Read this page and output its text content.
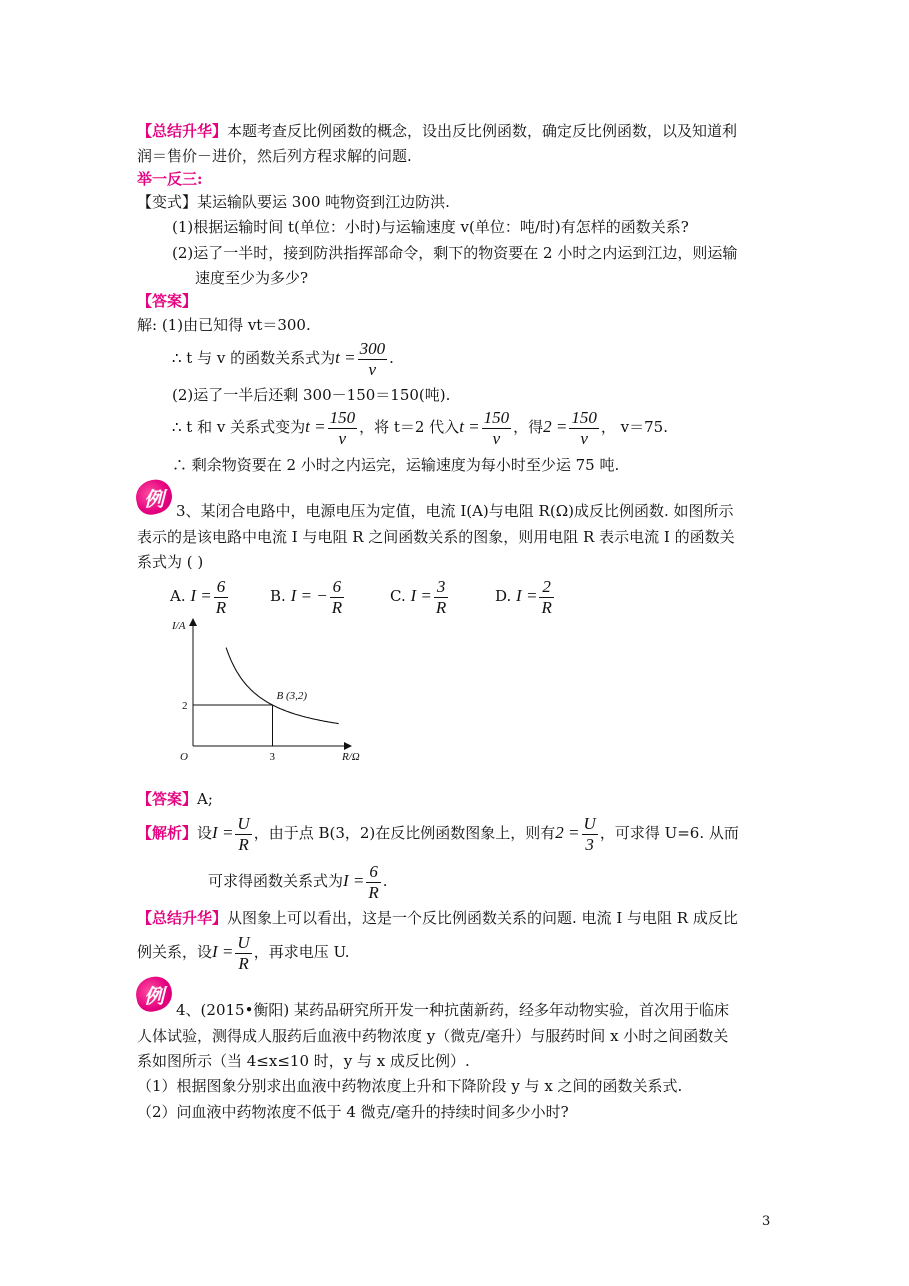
【总结升华】本题考查反比例函数的概念，设出反比例函数，确定反比例函数，以及知道利
润＝售价－进价，然后列方程求解的问题.
举一反三:
【变式】某运输队要运 300 吨物资到江边防洪.
(1)根据运输时间 t(单位：小时)与运输速度 v(单位：吨/时)有怎样的函数关系?
(2)运了一半时，接到防洪指挥部命令，剩下的物资要在 2 小时之内运到江边，则运输
速度至少为多少?
【答案】
解: (1)由已知得 vt＝300.
∴ t 与 v 的函数关系式为$t = \frac{300}{v}$ .
(2)运了一半后还剩 300－150＝150(吨).
∴ t 和 v 关系式变为$t = \frac{150}{v}$ ，将 t＝2 代入$t = \frac{150}{v}$ ，得$2 = \frac{150}{v}$ ， v＝75.
∴ 剩余物资要在 2 小时之内运完，运输速度为每小时至少运 75 吨.
例
3、某闭合电路中，电源电压为定值，电流 I(A)与电阻 R(Ω)成反比例函数. 如图所示
表示的是该电路中电流 I 与电阻 R 之间函数关系的图象，则用电阻 R 表示电流 I 的函数关
系式为 ( )
A. $I = \frac{6}{R}$	B. I = − $\frac{6}{R}$	C. $I = \frac{3}{R}$	D. $I = \frac{2}{R}$
B (3,2)
2
3
O
I/A
R/Ω
【答案】A;
【解析】设$I = \frac{U}{R}$ ，由于点 B(3，2)在反比例函数图象上，则有$2 = \frac{U}{3}$ ，可求得 U=6. 从而
可求得函数关系式为$I = \frac{6}{R}$ .
【总结升华】从图象上可以看出，这是一个反比例函数关系的问题. 电流 I 与电阻 R 成反比
例关系，设$I = \frac{U}{R}$ ，再求电压 U.
例
4、(2015•衡阳) 某药品研究所开发一种抗菌新药，经多年动物实验，首次用于临床
人体试验，测得成人服药后血液中药物浓度 y（微克/毫升）与服药时间 x 小时之间函数关
系如图所示（当 4≤x≤10 时，y 与 x 成反比例）.
（1）根据图象分别求出血液中药物浓度上升和下降阶段 y 与 x 之间的函数关系式.
（2）问血液中药物浓度不低于 4 微克/毫升的持续时间多少小时?
3
